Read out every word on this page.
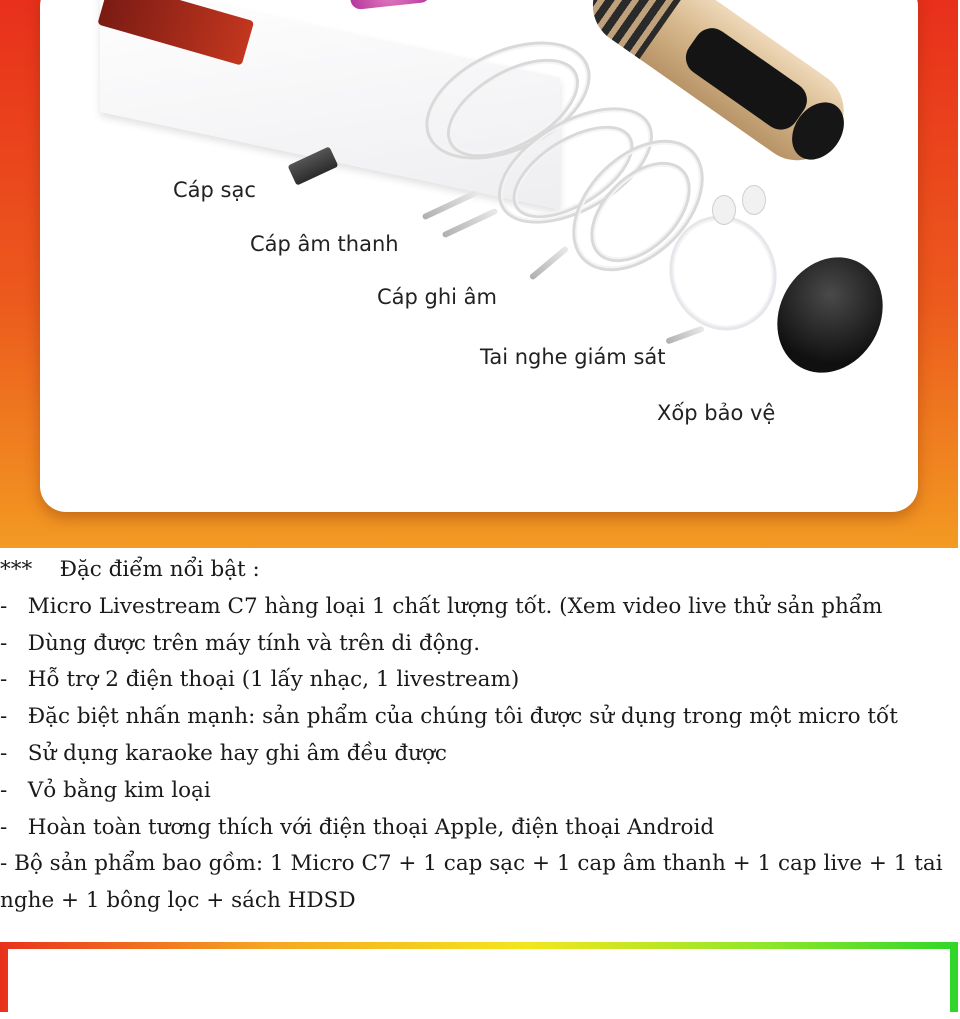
Cáp sạc
Cáp âm thanh
Cáp ghi âm
Tai nghe giám sát
Xốp bảo vệ
*** Đặc điểm nổi bật :
-   Micro Livestream C7 hàng loại 1 chất lượng tốt. (Xem video live thử sản phẩm
-   Dùng được trên máy tính và trên di động.
-   Hỗ trợ 2 điện thoại (1 lấy nhạc, 1 livestream)
-   Đặc biệt nhấn mạnh: sản phẩm của chúng tôi được sử dụng trong một micro tốt
-   Sử dụng karaoke hay ghi âm đều được
-   Vỏ bằng kim loại
-   Hoàn toàn tương thích với điện thoại Apple, điện thoại Android
- Bộ sản phẩm bao gồm: 1 Micro C7 + 1 cap sạc + 1 cap âm thanh + 1 cap live + 1 tai nghe + 1 bông lọc + sách HDSD
